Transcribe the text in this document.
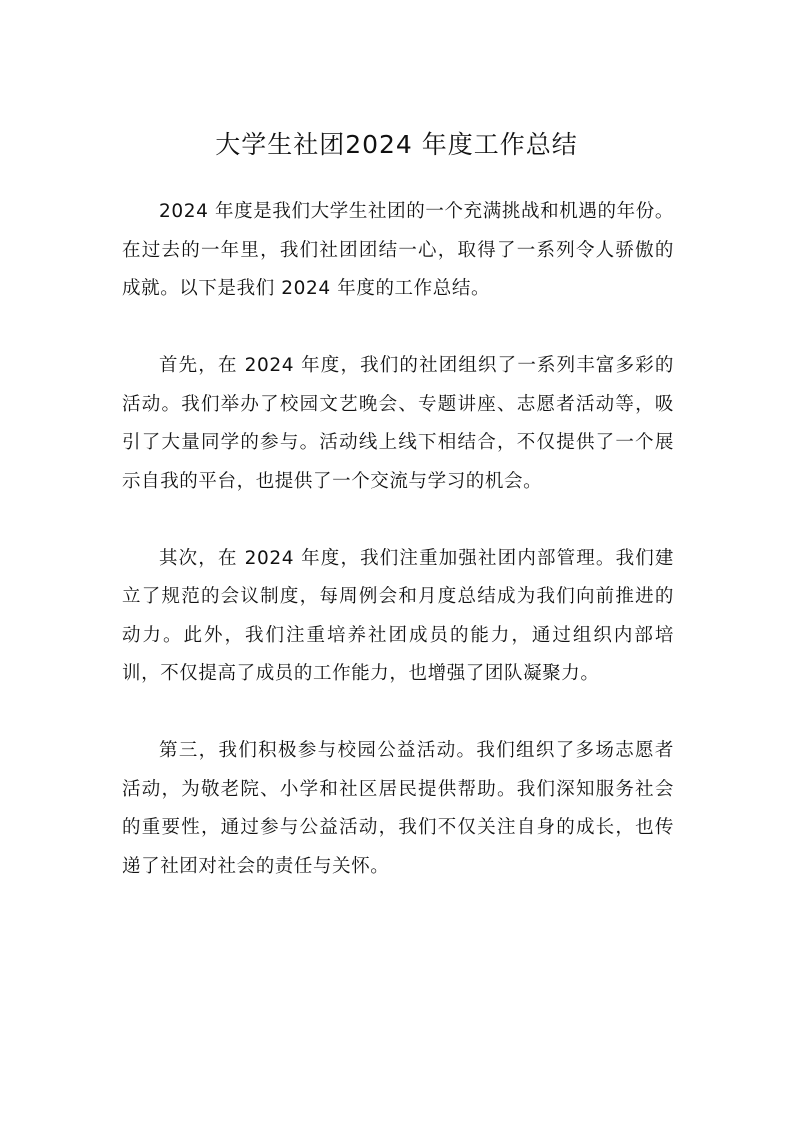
大学生社团2024 年度工作总结

2024 年度是我们大学生社团的一个充满挑战和机遇的年份。在过去的一年里，我们社团团结一心，取得了一系列令人骄傲的成就。以下是我们 2024 年度的工作总结。

首先，在 2024 年度，我们的社团组织了一系列丰富多彩的活动。我们举办了校园文艺晚会、专题讲座、志愿者活动等，吸引了大量同学的参与。活动线上线下相结合，不仅提供了一个展示自我的平台，也提供了一个交流与学习的机会。

其次，在 2024 年度，我们注重加强社团内部管理。我们建立了规范的会议制度，每周例会和月度总结成为我们向前推进的动力。此外，我们注重培养社团成员的能力，通过组织内部培训，不仅提高了成员的工作能力，也增强了团队凝聚力。

第三，我们积极参与校园公益活动。我们组织了多场志愿者活动，为敬老院、小学和社区居民提供帮助。我们深知服务社会的重要性，通过参与公益活动，我们不仅关注自身的成长，也传递了社团对社会的责任与关怀。
